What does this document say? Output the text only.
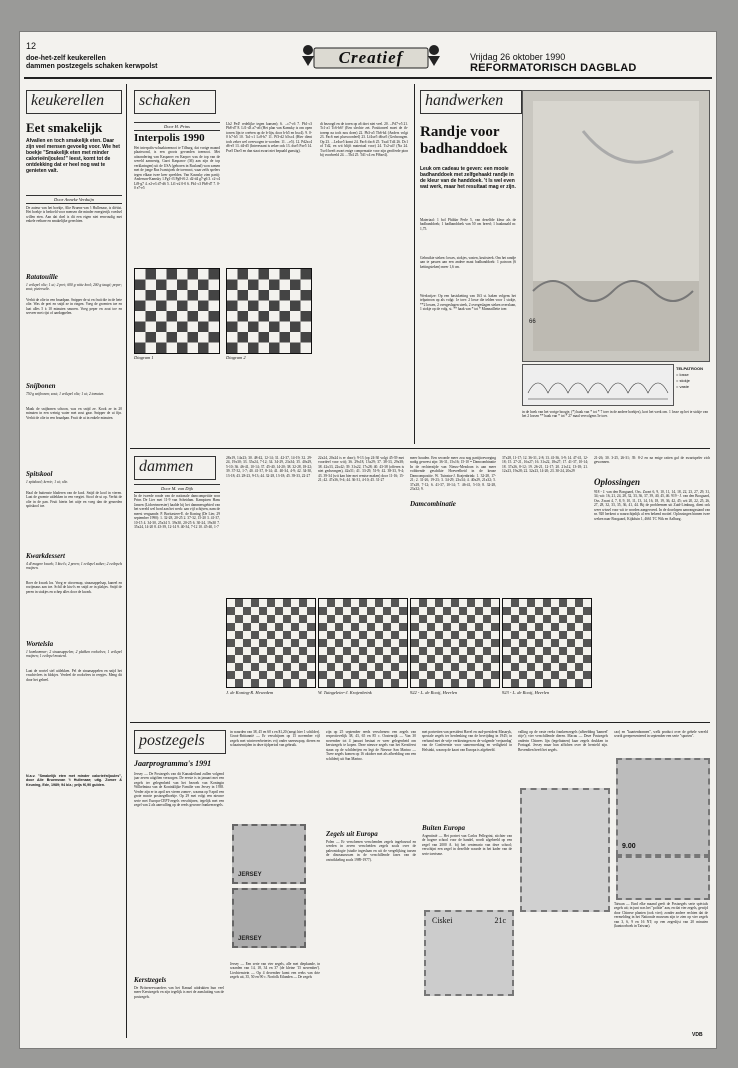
12
doe-het-zelf keukerellen
dammen postzegels schaken kerwpolst	Creatief	Vrijdag 26 oktober 1990
REFORMATORISCH DAGBLAD
keukerellen
Eet smakelijk
Afvallen en toch smakelijk eten. Daar zijn veel mensen gevoelig voor. Wie het boekje "Smakelijk eten met minder calorieën/joules!" leest, komt tot de ontdekking dat er heel nog wat te genieten valt.
Door Anneke Verduijn
De auteur van het boekje, Alie Bruens-van 't Hullenaar, is diëtist. Het boekje is bedoeld voor mensen die minder energierijk voedsel willen eten. Aan dat doel is dit een eigen niet eenvoudig met enkele eetbare en smakelijke gerechten.
Ratatouille
1 eetlepel olie; 1 ui; 2 prei; 600 g witte kool; 200 g taugé; peper; zout; pieterselie.
Verhit de olie in een braadpan. Snipper de ui en fruit die in de hete olie. Was de prei en snijd ze in ringen. Voeg de groenten toe en laat alles 5 à 10 minuten smoren. Voeg peper en zout toe en serveer met rijst of aardappelen.
Snijbonen
750 g snijbonen; zout; 1 eetlepel olie; 1 ui; 2 tomaten.
Maak de snijbonen schoon, was en snijd ze. Kook ze in 20 minuten in een weinig water met zout gaar. Snipper de ui fijn. Verhit de olie in een braadpan. Fruit de ui in enkele minuten.
Spitskool
1 spitskool; kerrie; 1 ui; olie.
Haal de buitenste bladeren van de kool. Snijd de kool in vieren. Laat de groente uitlekken in een vergiet. Stoof de ui op. Verhit de olie in de pan. Fruit hierin het uitje en voeg dan de gesneden spitskool toe.
Kwarkdessert
4 dl magere kwark; 3 kiwi's; 2 peren; 1 eetlepel suiker; 2 eetlepels rozijnen.
Roer de kwark los. Voeg er citroensap, sinaasappelsap, kaneel en rozijnsaus aan toe. Schil de kiwi's en snijd ze in plakjes. Snijd de peren in stukjes en schep alles door de kwark.
Wortelsla
1 komkommer; 2 sinaasappelen; 2 plakken rookvlees; 1 eetlepel rozijnen; 1 eetlepel mosterd.
Laat de wortel stel uitlekken. Pel de sinaasappelen en snijd het vruchtvlees in blokjes. Verdeel de rookvlees in reepjes. Meng dit door het geheel.
N.a.v. "Smakelijk eten met minder calorieën/joules", door Alie Bruensvan 't Hullenaar; uitg. Zomer & Keuning, Ede, 1989; 94 blz.; prijs f6,90 gulden.
schaken
Door H. Prins
Interpolis 1990
Het interpolis-schaaktoernooi te Tilburg, dat vorige maand plaatsvond, is een groots gevonden toernooi. Met uitzondering van Kasparov en Karpov was de top van de wereld aanwezig. Garri Kasparov (36) aan zijn de top verklaringen) uit de USA (geboren in Rusland) won samen met de jonge Rus Ivantsjoek de toernooi, waar zelfs spelers tegen elkaar twee keer speelden. Van Kasnsky zien partij: Anderson-Kamsky 1.Pg1-f3 Pg8-f6 2. d2-d4 g7-g6 3. c2-c4 Lf8-g7 4. e2-e3 d7-d6 5. Lf1-e2 0-0 6. Pb1-c3 Pb8-d7 7. 0-0 e7-e5
Lh2 Pe4! redelijke tegen kansen); 6. ...c7-c6 7. Pb1-c3 Pb8-d7 8. Lf1-d3 a7-a6 (Het plan van Kamsky is om open torren lijn te creëren op de b-lijn, door b-b5 en bxc4). 9. 0-0 b7-b5 10. Ta1-c1 Lc8-b7 11. Pf3-d2 b5xc4 (Hier dient toch zeker wel overwogen te worden: 11. ...e5). 12. Pd2xc4 d6-e5 13. d4-d5 (Interessant is zeker ook 13. dxe5 Pxe5 14. Pxe5 Dxe5 en dan staat zwart niet bepaald gunstig).
dt bezorgd en de toren op a6 doet niet veel. 20. ...Pd7-e5 21. Tc1-a1 Tc6-b6? (Een slechte zet. Positioneel moet de tb-torenp na toch nou doen) 22. Pb3-a5 Tb6-b4 (Anders volgt 23. Pac6 met plusvoordeel) 23. Lf4xe5 d6xe5 (Gedwongen. Op 23. ...Le4xe5 komt 24. Pac6 dxc6 25. Txa4 Td4 26. Dc1 of Td2, en wit blijft materiaal voor) 24. Tc2-a4! (Na 24. Txc6 heeft zwart enige compensatie voor zijn geofferde pion bij voorbeeld 24. ...Tb4 25. Td1-c4 en Pf6xe4).
Diagram 1	Diagram 2
handwerken
Randje voor badhanddoek
Leuk om cadeau te geven: een mooie badhanddoek met zelfgehaakt randje in de kleur van de handdoek. 't Is wel even wat werk, maar het resultaat mag er zijn.
Materiaal: 1 bol Phildar Perle 5, van dezelfde kleur als de badhanddoek; 1 badhanddoek van 50 cm breed; 1 haaknaald nr. 1,75.
Gebruikte steken: losses, stokjes, vasten, kruitsteek. Om het randje aan te passen aan een andere maat badhanddoek: 1 patroon (6 kettingsteken) meer 1,6 cm.
Werkwijze: Op een basisketting van 163 st. haken volgens het telpatroon op als volgt: 1e toer: 2 losse die telden voor 1 stokje, **2 lossen, 2 overgeslagen steek, 2 overgeslagen steken overslaan, 1 stokje op de volg. st. ** haak van * tot * Monnaillette toer.
66
TELPATROON
= losse
= stokje
= vaste
in de hoek van het vorige boogje, (*) haak van * tot * 7 toer in de andere hoekjes), kort het werk om. 1 losse op het te stokje van het 2 lossen ** haak van * tot * 27 maal vervolgens 5e toer.
dammen
Door M. van Dijk
In de tweede ronde van de nationale damcompetitie won Prins De Lier met 11-9 van Scheidam. Kampioen Hans Jansen (Lidcertmeester) haalde hij het dammersgebied van het wereld wel bord aan het werk: aan vijf schijven, nam de meest vergaande. P. Boritasteer-E. de Koning (De Lier, 29 september 1990): 1. 32-28, 20-25 2. 37-32, 15-20 3. 41-37, 10-15 4. 34-30, 25x34 5. 39x30, 20-25 6. 30-24, 19x30 7. 35x24, 14-20 8. 43-39, 12-14 9. 40-34, 7-12 10. 45-40, 1-7
28x19, 14x23; 30. 48-42, 12-14; 31. 42-37, 14-19; 32. 29-24, 19x30; 33. 35x24, 7-12; 34. 34-29, 23x34; 35. 40x29, 5-10; 36. 46-41, 10-14; 37. 45-40, 14-20; 38. 32-28, 18-22; 39. 37-32, 1-7; 40. 41-37, 8-14; 41. 40-34, 4-9; 42. 34-30, 13-18; 43. 28-23, 9-13; 44. 32-28, 13-18; 45. 39-33, 22-27
22x24, 20x24 is er door); 9-13 (op 24-30 volgt 45-39 met voordeel voor wit); 36. 29x18, 13x29; 37. 38-33, 29x38; 38. 42x33, 22x42; 39. 31x22, 17x28; 40. 43-38 (offeren is niet gedwongen), 42x51; 41. 33-29, 51-9; 42. 38-33, 9-4; 43. 39-34 (wit kan hier met remise maken) door 11-16; 15-21; 42. 47x36, 9-4; 44. 36-31, 4-10; 45. 31-27
meer houden. Een seconde meer zou nog partijtoevoeging nodig geweest zijn: 36-31, 15x16; 15-10 = Damcombinatie In de rechterzijde van Nieuw-Mezdoon is aan meer voldoende geschikte Hoeveelheid in de keuze Damcompositie. W. Tuinstra-J. Krajenbrink: 1. 32-28, 17-21; 2. 31-26, 19-23; 3. 34-29, 23x34; 4. 40x29, 21x32; 5. 37x28, 7-12; 6. 41-37, 10-14; 7. 46-41, 5-10; 8. 32-28, 23x32; 9.
Damcombinatie
37x28, 11-17; 12. 36-31, 2-8; 13. 41-36, 3-9; 14. 47-41, 12-18; 15. 27-21, 16x27; 16. 31x22, 18x27; 17. 41-37, 10-14; 18. 37x26, 8-12; 19. 26-21, 12-17; 20. 21x12, 13-18; 21. 12x23, 19x28; 22. 32x23, 14-20; 23. 30-24, 20x29
21-26; 30. 3-25, 26-31; 39. 8-2 en na enige ratten gaf de zwartspeler zich gewonnen.
Oplossingen
918 - J. van den Boogaard, Oss. Zwart 6, 9, 10, 11, 14, 18, 22, 23, 27, 29, 31, 34; wit: 16, 21, 24, 28, 32, 33, 36, 37, 39, 40, 45, 46. 919 - J. van den Boogaard, Oss. Zwart 4, 7, 8, 9, 10, 11, 13, 14, 16, 18, 19, 36, 42, 45; wit 20, 22, 25, 26, 27, 28, 32, 33, 35, 36, 41, 44. Bij de probleemen uit Zuid-Limburg, dient ook weer wissel voor wit te worden aangevoerd. In de doorlopen aanvangsstand van nr. 920 herkent u waarschijnlijk al een bekend motief. Oplossingen binnen twee weken naar Boogaard, Kijkduin 1, 4661 TC Wik en Aalburg.
J. de Koning-R. Hewedem	W. Tuingeleier-J. Krajenbrink	922 - L. de Rooij, Heerlen	923 - L. de Rooij, Heerlen
postzegels
Jaarprogramma's 1991
Jersey — De Postzegels van dit Kanaaleiland zullen volgend jaar zeven uitgiften verzorgen. De eerste is in januari met een zegels ter gelegenheid van het bezoek van Koningin Wilhelmina van de Koninklijke Familie van Jersey in 1938. Verder zijn er in april zes vieren zomer-, waarna op 9 april een grote mooie postzegelboekje. Op 29 mei volgt een nieuwe serie met Europa-CEPT-zegels verschijnen, tegelijk met een zegel van 2 als aanvulling op de reeds gewone frankeerzegels.
Kerstzegels
De Britsezeewaarders van het Kanaal uitdrukten hun veel meer Kerstzegels en zijn tegelijk is met de aansluiting van de postzegels.
in waarden van 38, 45 en 60 s en $1,20 (ansgt hier 1 schilder). Groot-Brittannië — Er verschijnen op 15 november vijf zegels met winterverbetertes vrij onder sneeuwpop, dieren en schaatsenrijden in deze tijdperiod van gebruik.
JERSEY
JERSEY
Jersey — Een serie van vier zegels, alle met diepkunde, in waarden van 14, 18, 34 en 37 (de kleine '15 november'). Liechtenstein — Op 4 december komt een reeks van drie zegels uit, 35, 50 en 90 c. Norfolk Eilanden — De zegels
zijn op 25 september reeds verschenen: een zegels van respectievelijk 38, 43, 65 en 85 c. Oostenrijk — Van 30 november tot 4 januari bestaat er weer gelegenheid om kerstzegels te kopen. Deze nieuwe zegels van het Kerstfeest staan op de schilderijen en legt de Nieuwe San Marino — Twee zegels komen op 16 oktober met als afbeelding van een schilderij uit San Marino.
Zegels uit Europa
Polen — Er verschenen verschenden zegels ingebouwd en werden in zeven verscheiden zegels zoals over de paleontologie (studie ingeslaan en uit de vergelijking tussen de dinosaurussen in de verschillende fases van de ontwikkeling zoals 1989-1977).
met portretten van president Havel en oud-president Masaryk, speciale zegels ter herdenking van de bevrijding in 1945; in verband met de vrije verkiezingen en de volgende 'verjaardag' van de Conferentie voor samenwerking en veiligheid in Helsinki, waarop de kaart van Europa is afgebeeld.
Buiten Europa
Argentinië — Het portret van Carlos Pellegrini, stichter van de hogere school voor de handel, wordt afgebeeld op een zegel van 2000 A. bij het centenario van deze school; verschijnt een zegel in dezelfde waarde in het kader van de serie toerisme.
Ciskei	21c
valling op de vaste reeks frankeerzegels (afbeelding 'kameel' ritje'); vier verschillende dieren. Macau — Deze Postzegels onderin Chinees lijn (tegeltuinen) kaar zegels drukken in Portugal. Jersey maar hun affichen over de hersteld zijn. Bovendien heeft het zegels.
cao) en "kaartenbonnen", welk product over de gehele wereld wordt gerepresenteerd in september een serie "sporten".
9.00
Taiwan — Eind elke maand geeft de Postzegels serie spécials zegels uit; in juni was het "politie" aan, en dat vier zegels, gewijd door Chinese planten (ook vier); zonder andere rechten dat de vermelding in het Nationale museum zijn te zien op vier zegels van 3, 6, 9 en 16 NT; op een zegeslijst van 20 minuten (kantoorboek in Taiwan).
VDB
